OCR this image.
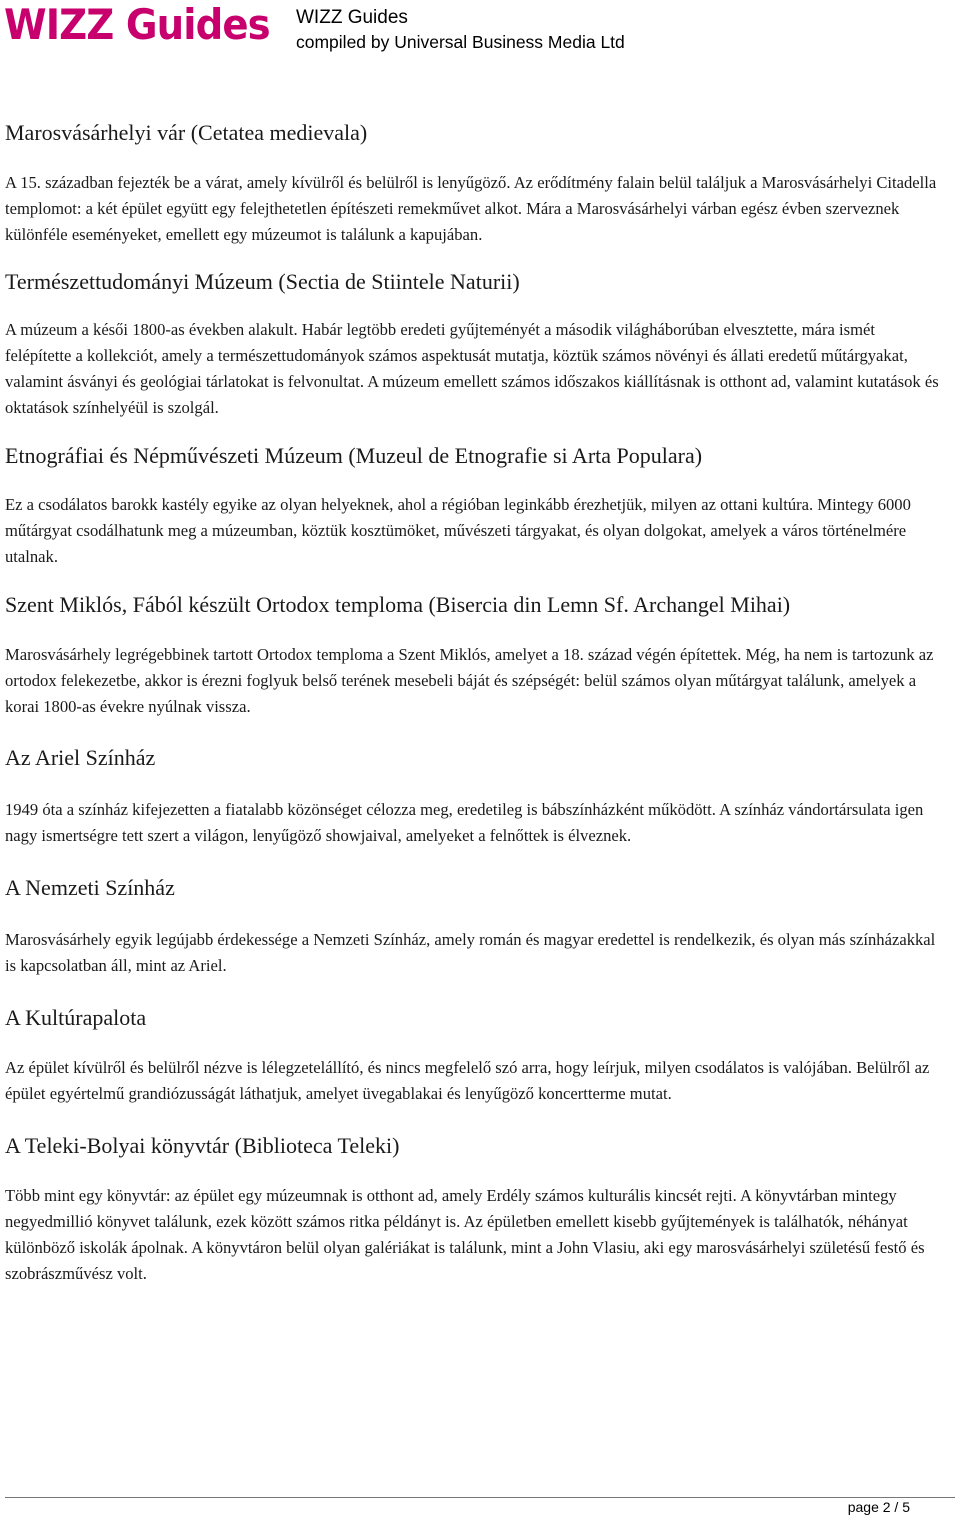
WIZZ Guides WIZZ Guides
compiled by Universal Business Media Ltd
Marosvásárhelyi vár (Cetatea medievala)

A 15. században fejezték be a várat, amely kívülről és belülről is lenyűgöző. Az erődítmény falain belül találjuk a Marosvásárhelyi Citadella templomot: a két épület együtt egy felejthetetlen építészeti remekművet alkot. Mára a Marosvásárhelyi várban egész évben szerveznek különféle eseményeket, emellett egy múzeumot is találunk a kapujában.

Természettudományi Múzeum (Sectia de Stiintele Naturii)

A múzeum a késői 1800-as években alakult. Habár legtöbb eredeti gyűjteményét a második világháborúban elvesztette, mára ismét felépítette a kollekciót, amely a természettudományok számos aspektusát mutatja, köztük számos növényi és állati eredetű műtárgyakat, valamint ásványi és geológiai tárlatokat is felvonultat. A múzeum emellett számos időszakos kiállításnak is otthont ad, valamint kutatások és oktatások színhelyéül is szolgál.

Etnográfiai és Népművészeti Múzeum (Muzeul de Etnografie si Arta Populara)

Ez a csodálatos barokk kastély egyike az olyan helyeknek, ahol a régióban leginkább érezhetjük, milyen az ottani kultúra. Mintegy 6000 műtárgyat csodálhatunk meg a múzeumban, köztük kosztümöket, művészeti tárgyakat, és olyan dolgokat, amelyek a város történelmére utalnak.

Szent Miklós, Fából készült Ortodox temploma (Bisercia din Lemn Sf. Archangel Mihai)

Marosvásárhely legrégebbinek tartott Ortodox temploma a Szent Miklós, amelyet a 18. század végén építettek. Még, ha nem is tartozunk az ortodox felekezetbe, akkor is érezni foglyuk belső terének mesebeli báját és szépségét: belül számos olyan műtárgyat találunk, amelyek a korai 1800-as évekre nyúlnak vissza.

Az Ariel Színház

1949 óta a színház kifejezetten a fiatalabb közönséget célozza meg, eredetileg is bábszínházként működött. A színház vándortársulata igen nagy ismertségre tett szert a világon, lenyűgöző showjaival, amelyeket a felnőttek is élveznek.

A Nemzeti Színház

Marosvásárhely egyik legújabb érdekessége a Nemzeti Színház, amely román és magyar eredettel is rendelkezik, és olyan más színházakkal is kapcsolatban áll, mint az Ariel.

A Kultúrapalota

Az épület kívülről és belülről nézve is lélegzetelállító, és nincs megfelelő szó arra, hogy leírjuk, milyen csodálatos is valójában. Belülről az épület egyértelmű grandiózusságát láthatjuk, amelyet üvegablakai és lenyűgöző koncertterme mutat.

A Teleki-Bolyai könyvtár (Biblioteca Teleki)

Több mint egy könyvtár: az épület egy múzeumnak is otthont ad, amely Erdély számos kulturális kincsét rejti. A könyvtárban mintegy negyedmillió könyvet találunk, ezek között számos ritka példányt is. Az épületben emellett kisebb gyűjtemények is találhatók, néhányat különböző iskolák ápolnak. A könyvtáron belül olyan galériákat is találunk, mint a John Vlasiu, aki egy marosvásárhelyi születésű festő és szobrászművész volt.

page 2 / 5
